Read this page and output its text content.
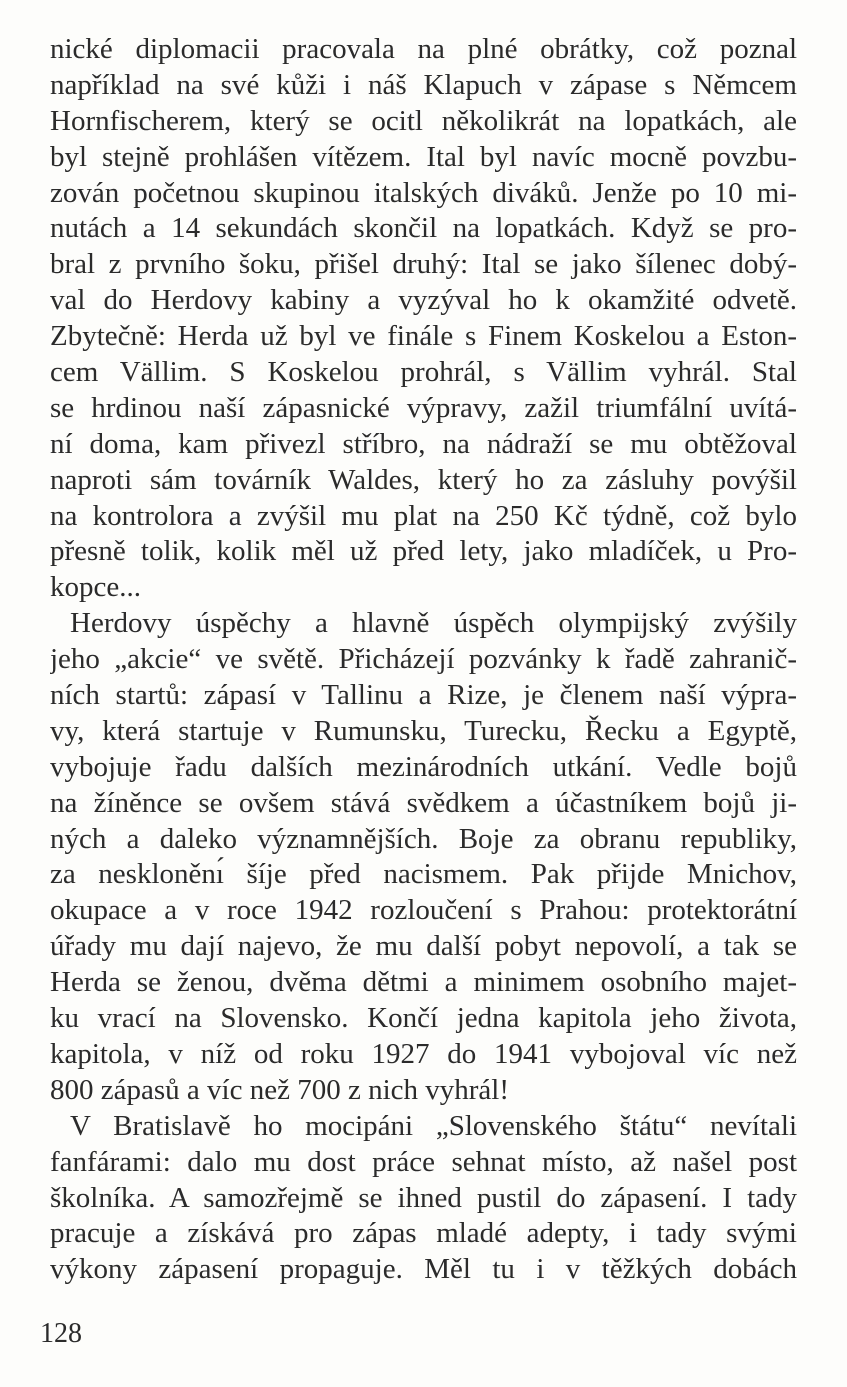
nické diplomacii pracovala na plné obrátky, což poznal
například na své kůži i náš Klapuch v zápase s Němcem
Hornfischerem, který se ocitl několikrát na lopatkách, ale
byl stejně prohlášen vítězem. Ital byl navíc mocně povzbu-
zován početnou skupinou italských diváků. Jenže po 10 mi-
nutách a 14 sekundách skončil na lopatkách. Když se pro-
bral z prvního šoku, přišel druhý: Ital se jako šílenec dobý-
val do Herdovy kabiny a vyzýval ho k okamžité odvetě.
Zbytečně: Herda už byl ve finále s Finem Koskelou a Eston-
cem Vällim. S Koskelou prohrál, s Vällim vyhrál. Stal
se hrdinou naší zápasnické výpravy, zažil triumfální uvítá-
ní doma, kam přivezl stříbro, na nádraží se mu obtěžoval
naproti sám továrník Waldes, který ho za zásluhy povýšil
na kontrolora a zvýšil mu plat na 250 Kč týdně, což bylo
přesně tolik, kolik měl už před lety, jako mladíček, u Pro-
kopce...
Herdovy úspěchy a hlavně úspěch olympijský zvýšily
jeho „akcie“ ve světě. Přicházejí pozvánky k řadě zahranič-
ních startů: zápasí v Tallinu a Rize, je členem naší výpra-
vy, která startuje v Rumunsku, Turecku, Řecku a Egyptě,
vybojuje řadu dalších mezinárodních utkání. Vedle bojů
na žíněnce se ovšem stává svědkem a účastníkem bojů ji-
ných a daleko významnějších. Boje za obranu republiky,
za neskloněnı́ šíje před nacismem. Pak přijde Mnichov,
okupace a v roce 1942 rozloučení s Prahou: protektorátní
úřady mu dají najevo, že mu další pobyt nepovolí, a tak se
Herda se ženou, dvěma dětmi a minimem osobního majet-
ku vrací na Slovensko. Končí jedna kapitola jeho života,
kapitola, v níž od roku 1927 do 1941 vybojoval víc než
800 zápasů a víc než 700 z nich vyhrál!
V Bratislavě ho mocipáni „Slovenského štátu“ nevítali
fanfárami: dalo mu dost práce sehnat místo, až našel post
školníka. A samozřejmě se ihned pustil do zápasení. I tady
pracuje a získává pro zápas mladé adepty, i tady svými
výkony zápasení propaguje. Měl tu i v těžkých dobách
128
